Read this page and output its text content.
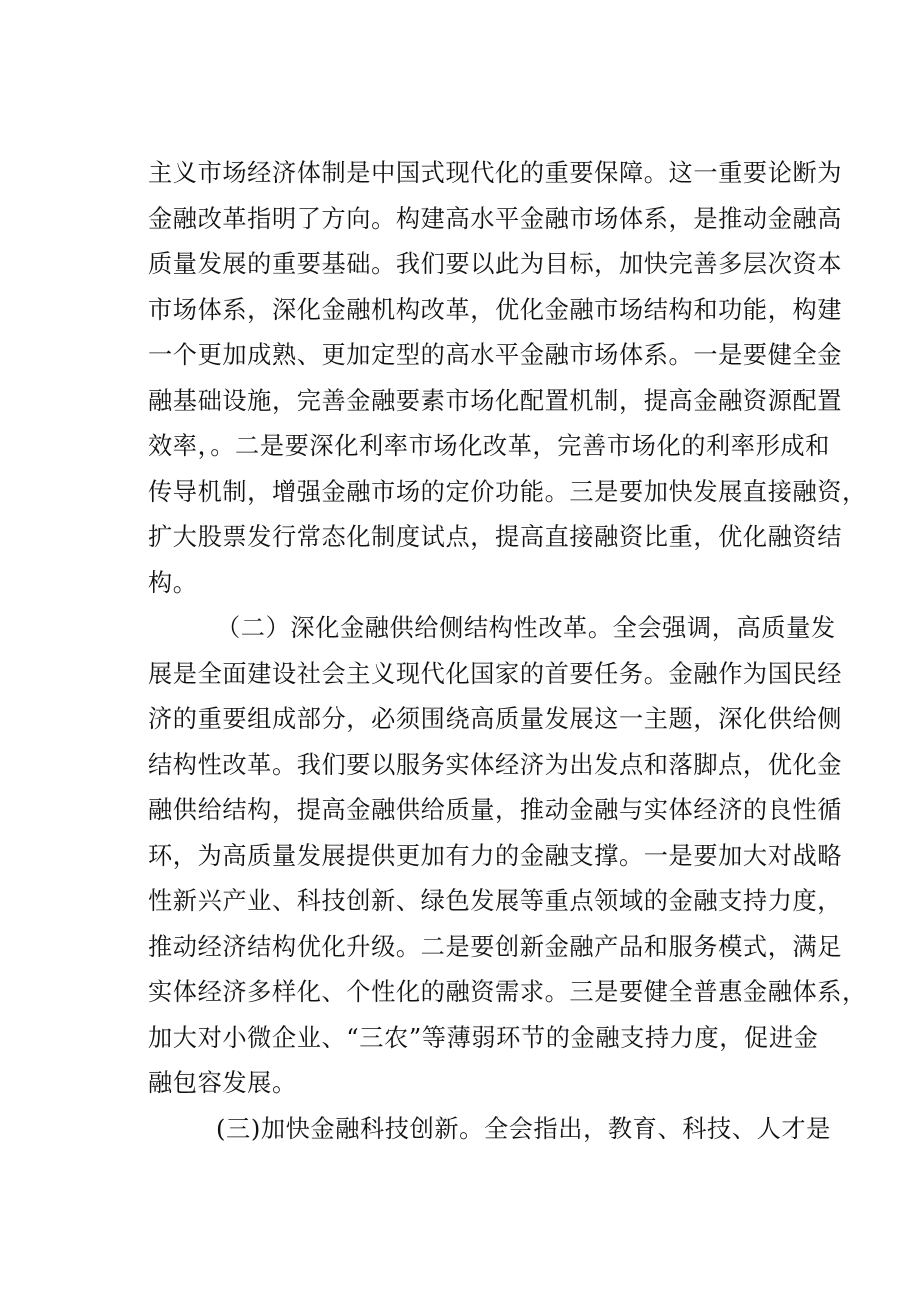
主义市场经济体制是中国式现代化的重要保障。这一重要论断为
金融改革指明了方向。构建高水平金融市场体系，是推动金融高
质量发展的重要基础。我们要以此为目标，加快完善多层次资本
市场体系，深化金融机构改革，优化金融市场结构和功能，构建
一个更加成熟、更加定型的高水平金融市场体系。一是要健全金
融基础设施，完善金融要素市场化配置机制，提高金融资源配置
效率，。二是要深化利率市场化改革，完善市场化的利率形成和
传导机制，增强金融市场的定价功能。三是要加快发展直接融资，
扩大股票发行常态化制度试点，提高直接融资比重，优化融资结
构。
（二）深化金融供给侧结构性改革。全会强调，高质量发
展是全面建设社会主义现代化国家的首要任务。金融作为国民经
济的重要组成部分，必须围绕高质量发展这一主题，深化供给侧
结构性改革。我们要以服务实体经济为出发点和落脚点，优化金
融供给结构，提高金融供给质量，推动金融与实体经济的良性循
环，为高质量发展提供更加有力的金融支撑。一是要加大对战略
性新兴产业、科技创新、绿色发展等重点领域的金融支持力度，
推动经济结构优化升级。二是要创新金融产品和服务模式，满足
实体经济多样化、个性化的融资需求。三是要健全普惠金融体系，
加大对小微企业、“三农”等薄弱环节的金融支持力度，促进金
融包容发展。
(三)加快金融科技创新。全会指出，教育、科技、人才是
